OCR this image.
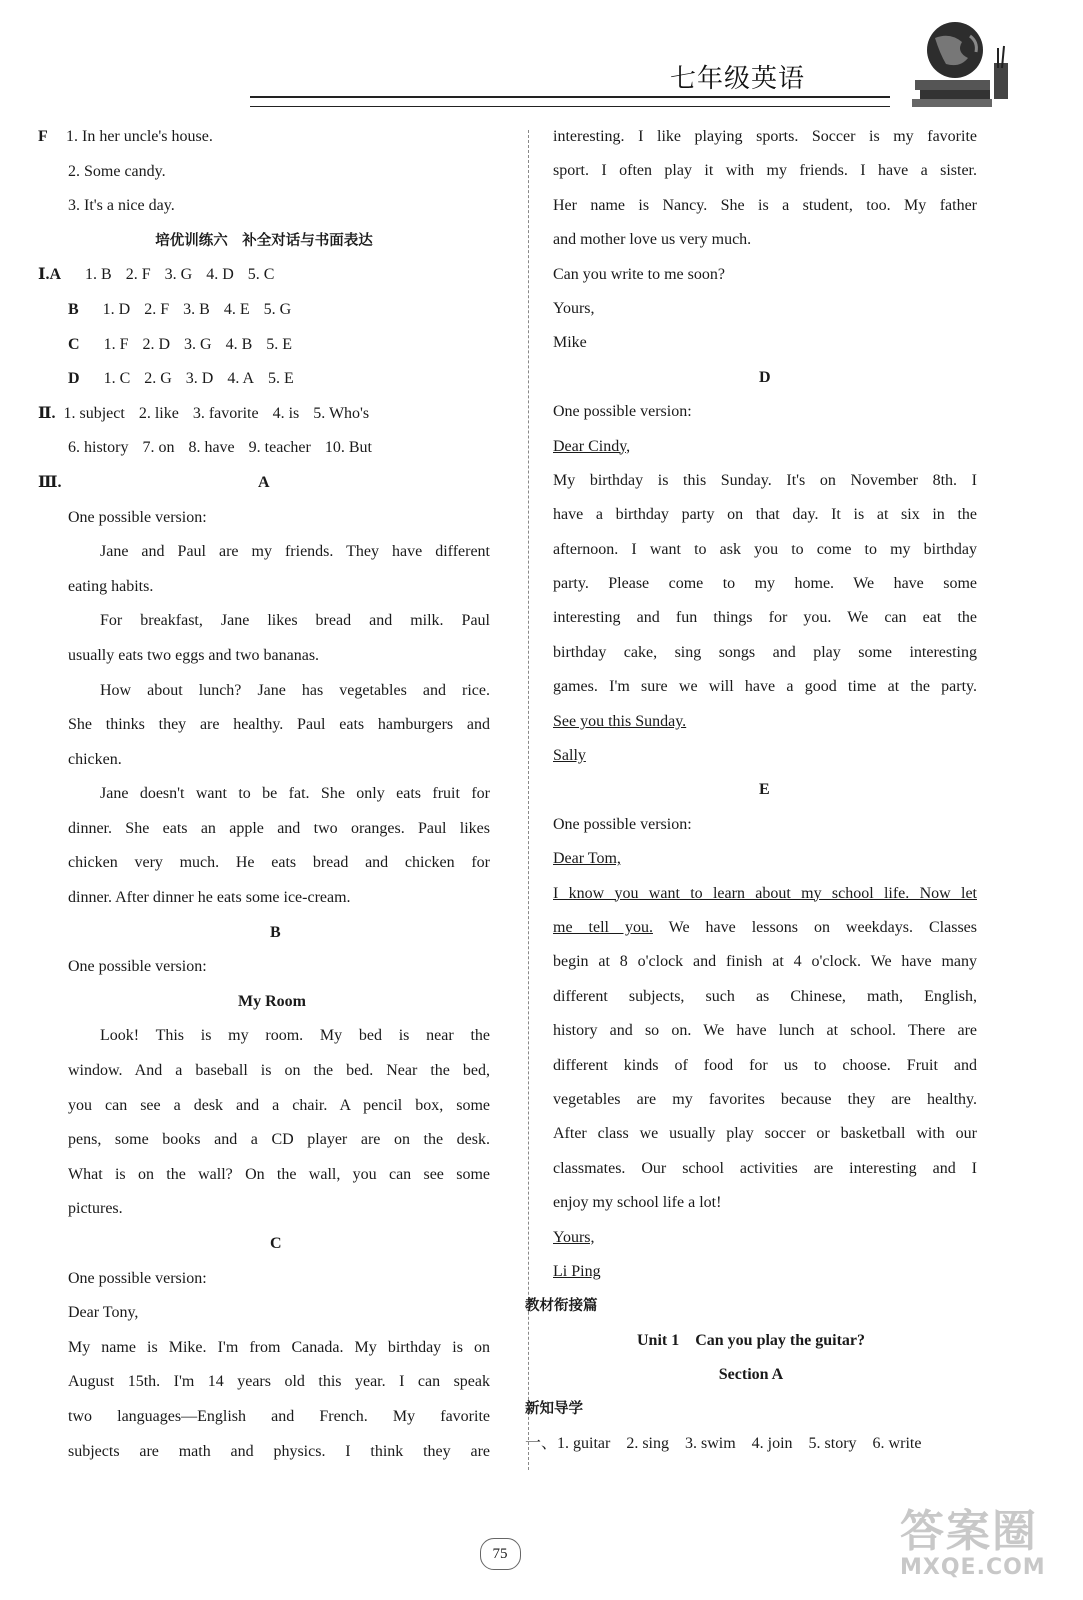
七年级英语
F 1. In her uncle's house.
2. Some candy.
3. It's a nice day.
培优训练六　补全对话与书面表达
Ⅰ.A 1. B 2. F 3. G 4. D 5. C
B 1. D 2. F 3. B 4. E 5. G
C 1. F 2. D 3. G 4. B 5. E
D 1. C 2. G 3. D 4. A 5. E
Ⅱ. 1. subject 2. like 3. favorite 4. is 5. Who's
6. history 7. on 8. have 9. teacher 10. But
Ⅲ.	A
One possible version:
Jane and Paul are my friends. They have different
eating habits.
For breakfast, Jane likes bread and milk. Paul
usually eats two eggs and two bananas.
How about lunch? Jane has vegetables and rice.
She thinks they are healthy. Paul eats hamburgers and
chicken.
Jane doesn't want to be fat. She only eats fruit for
dinner. She eats an apple and two oranges. Paul likes
chicken very much. He eats bread and chicken for
dinner. After dinner he eats some ice-cream.
B
One possible version:
My Room
Look! This is my room. My bed is near the
window. And a baseball is on the bed. Near the bed,
you can see a desk and a chair. A pencil box, some
pens, some books and a CD player are on the desk.
What is on the wall? On the wall, you can see some
pictures.
C
One possible version:
Dear Tony,
My name is Mike. I'm from Canada. My birthday is on
August 15th. I'm 14 years old this year. I can speak
two languages—English and French. My favorite
subjects are math and physics. I think they are
interesting. I like playing sports. Soccer is my favorite
sport. I often play it with my friends. I have a sister.
Her name is Nancy. She is a student, too. My father
and mother love us very much.
Can you write to me soon?
Yours,
Mike
D
One possible version:
Dear Cindy,
My birthday is this Sunday. It's on November 8th. I
have a birthday party on that day. It is at six in the
afternoon. I want to ask you to come to my birthday
party. Please come to my home. We have some
interesting and fun things for you. We can eat the
birthday cake, sing songs and play some interesting
games. I'm sure we will have a good time at the party.
See you this Sunday.
Sally
E
One possible version:
Dear Tom,
I know you want to learn about my school life. Now let
me tell you. We have lessons on weekdays. Classes
begin at 8 o'clock and finish at 4 o'clock. We have many
different subjects, such as Chinese, math, English,
history and so on. We have lunch at school. There are
different kinds of food for us to choose. Fruit and
vegetables are my favorites because they are healthy.
After class we usually play soccer or basketball with our
classmates. Our school activities are interesting and I
enjoy my school life a lot!
Yours,
Li Ping
教材衔接篇
Unit 1　Can you play the guitar?
Section A
新知导学
一、1. guitar　2. sing　3. swim　4. join　5. story　6. write
75	答案圈
MXQE.COM
